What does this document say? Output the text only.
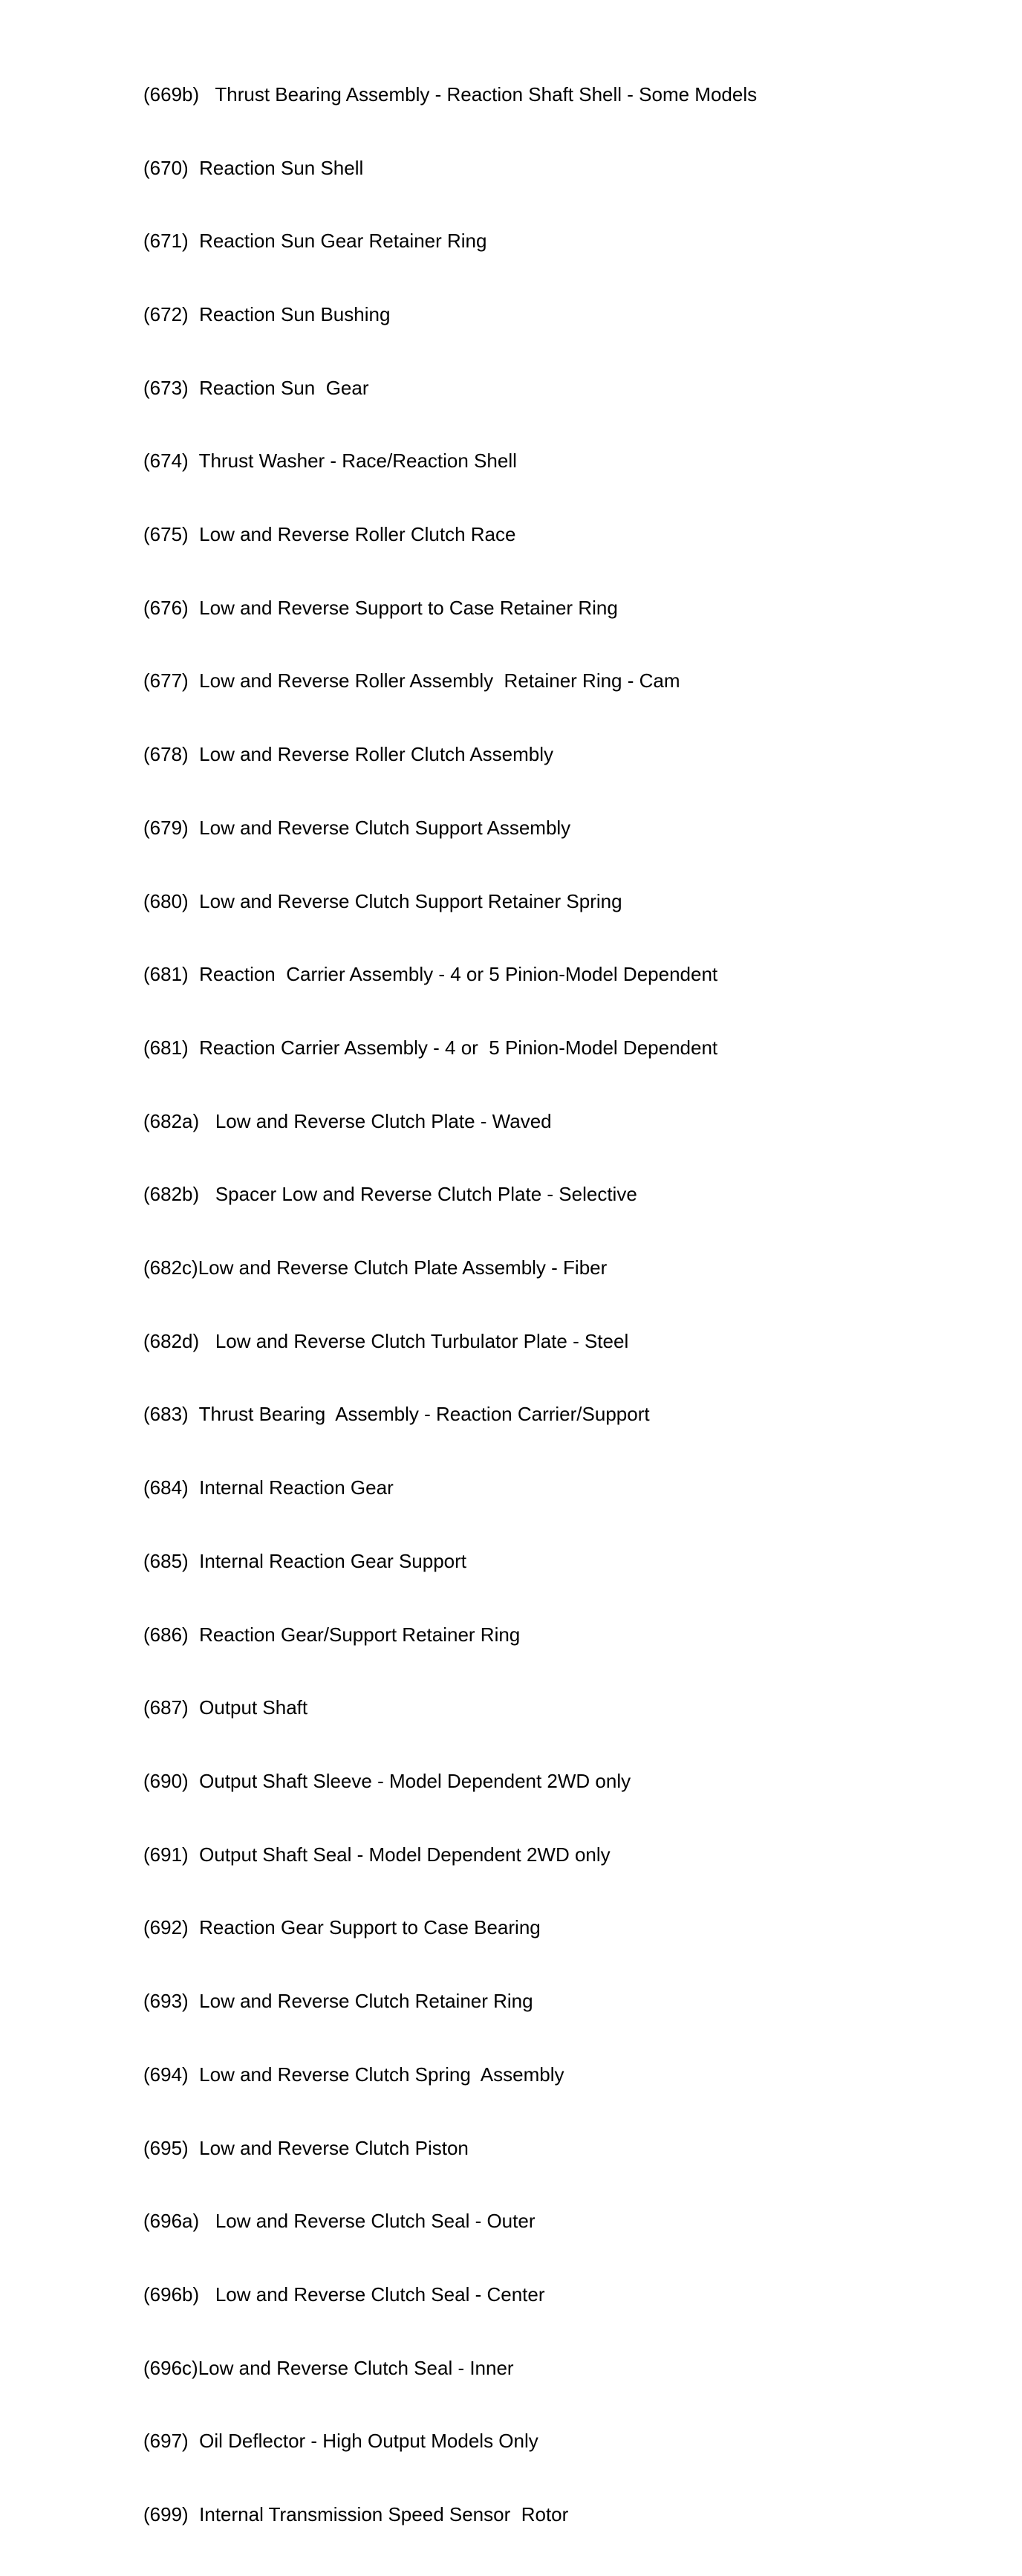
(669b)   Thrust Bearing Assembly - Reaction Shaft Shell - Some Models

(670)  Reaction Sun Shell

(671)  Reaction Sun Gear Retainer Ring

(672)  Reaction Sun Bushing

(673)  Reaction Sun  Gear

(674)  Thrust Washer - Race/Reaction Shell

(675)  Low and Reverse Roller Clutch Race

(676)  Low and Reverse Support to Case Retainer Ring

(677)  Low and Reverse Roller Assembly  Retainer Ring - Cam

(678)  Low and Reverse Roller Clutch Assembly

(679)  Low and Reverse Clutch Support Assembly

(680)  Low and Reverse Clutch Support Retainer Spring

(681)  Reaction  Carrier Assembly - 4 or 5 Pinion-Model Dependent

(681)  Reaction Carrier Assembly - 4 or  5 Pinion-Model Dependent

(682a)   Low and Reverse Clutch Plate - Waved

(682b)   Spacer Low and Reverse Clutch Plate - Selective

(682c)Low and Reverse Clutch Plate Assembly - Fiber

(682d)   Low and Reverse Clutch Turbulator Plate - Steel

(683)  Thrust Bearing  Assembly - Reaction Carrier/Support

(684)  Internal Reaction Gear

(685)  Internal Reaction Gear Support

(686)  Reaction Gear/Support Retainer Ring

(687)  Output Shaft

(690)  Output Shaft Sleeve - Model Dependent 2WD only

(691)  Output Shaft Seal - Model Dependent 2WD only

(692)  Reaction Gear Support to Case Bearing

(693)  Low and Reverse Clutch Retainer Ring

(694)  Low and Reverse Clutch Spring  Assembly

(695)  Low and Reverse Clutch Piston

(696a)   Low and Reverse Clutch Seal - Outer

(696b)   Low and Reverse Clutch Seal - Center

(696c)Low and Reverse Clutch Seal - Inner

(697)  Oil Deflector - High Output Models Only

(699)  Internal Transmission Speed Sensor  Rotor
